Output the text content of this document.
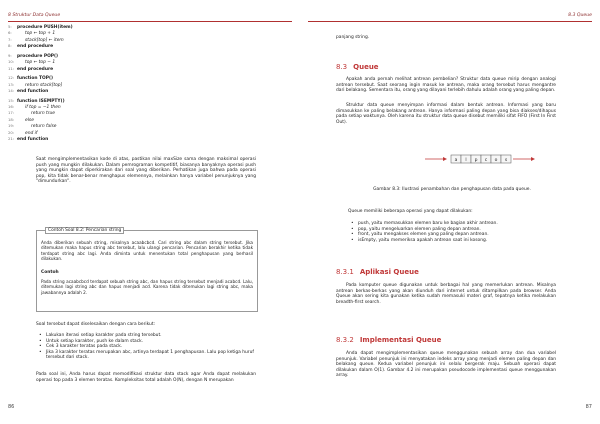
8 Struktur Data Queue
5: procedure PUSH(item)
6:	top ← top + 1
7:	stack[top] ← item
8: end procedure
9: procedure POP()
10: top ← top − 1
11: end procedure
12: function TOP()
13: return stack[top]
14: end function
15: function ISEMPTY()
16: if top = −1 then
17:	return true
18: else
19:	return false
20: end if
21: end function
Saat mengimplementasikan kode di atas, pastikan nilai maxSize sama dengan maksimal operasi push yang mungkin dilakukan. Dalam pemrograman kompetitif, biasanya banyaknya operasi push yang mungkin dapat diperkirakan dari soal yang diberikan. Perhatikan juga bahwa pada operasi pop, kita tidak benar-benar menghapus elemennya, melainkan hanya variabel penunjuknya yang "dimundurkan".
Contoh Soal 8.2: Pencarian string
Anda diberikan sebuah string, misalnya acaabcbcd. Cari string abc dalam string tersebut. Jika ditemukan maka hapus string abc tersebut, lalu ulangi pencarian. Pencarian berakhir ketika tidak terdapat string abc lagi. Anda diminta untuk menentukan total penghapusan yang berhasil dilakukan.
Contoh
Pada string acaabcbcd terdapat sebuah string abc, dan hapus string tersebut menjadi acabcd. Lalu, ditemukan lagi string abc dan hapus menjadi acd. Karena tidak ditemukan lagi string abc, maka jawabannya adalah 2.
Soal tersebut dapat diselesaikan dengan cara berikut:
• Lakukan iterasi setiap karakter pada string tersebut.
• Untuk setiap karakter, push ke dalam stack.
• Cek 3 karakter teratas pada stack.
• Jika 3 karakter teratas merupakan abc, artinya terdapat 1 penghapusan. Lalu pop ketiga huruf tersebut dari stack.
Pada soal ini, Anda harus dapat memodifikasi struktur data stack agar Anda dapat melakukan operasi top pada 3 elemen teratas. Kompleksitas total adalah O(N), dengan N merupakan
86
8.3 Queue
panjang string.
8.3 Queue
Apakah anda pernah melihat antrean pembelian? Struktur data queue mirip dengan analogi antrean tersebut. Saat seorang ingin masuk ke antrean, maka orang tersebut harus mengantre dari belakang. Sementara itu, orang yang dilayani terlebih dahulu adalah orang yang paling depan.
Struktur data queue menyimpan informasi dalam bentuk antrean. Informasi yang baru dimasukkan ke paling belakang antrean. Hanya informasi paling depan yang bisa diakses/dihapus pada setiap waktunya. Oleh karena itu struktur data queue disebut memiliki sifat FIFO (First In First Out).
a l p c o s
Gambar 8.3: Ilustrasi penambahan dan penghapusan data pada queue.
Queue memiliki beberapa operasi yang dapat dilakukan:
• push, yaitu memasukkan elemen baru ke bagian akhir antrean.
• pop, yaitu mengeluarkan elemen paling depan antrean.
• front, yaitu mengakses elemen yang paling depan antrean.
• isEmpty, yaitu memeriksa apakah antrean saat ini kosong.
8.3.1 Aplikasi Queue
Pada komputer queue digunakan untuk berbagai hal yang memerlukan antrean. Misalnya antrean berkas-berkas yang akan diunduh dari internet untuk ditampilkan pada browser. Anda Queue akan sering kita gunakan ketika sudah memasuki materi graf, tepatnya ketika melakukan breadth-first search.
8.3.2 Implementasi Queue
Anda dapat mengimplementasikan queue menggunakan sebuah array dan dua variabel penunjuk. Variabel penunjuk ini menyatakan indeks array yang menjadi elemen paling depan dan belakang queue. Kedua variabel penunjuk ini selalu bergerak maju. Sebuah operasi dapat dilakukan dalam O(1). Gambar 4.2 ini merupakan pseudocode implementasi queue menggunakan array.
87
